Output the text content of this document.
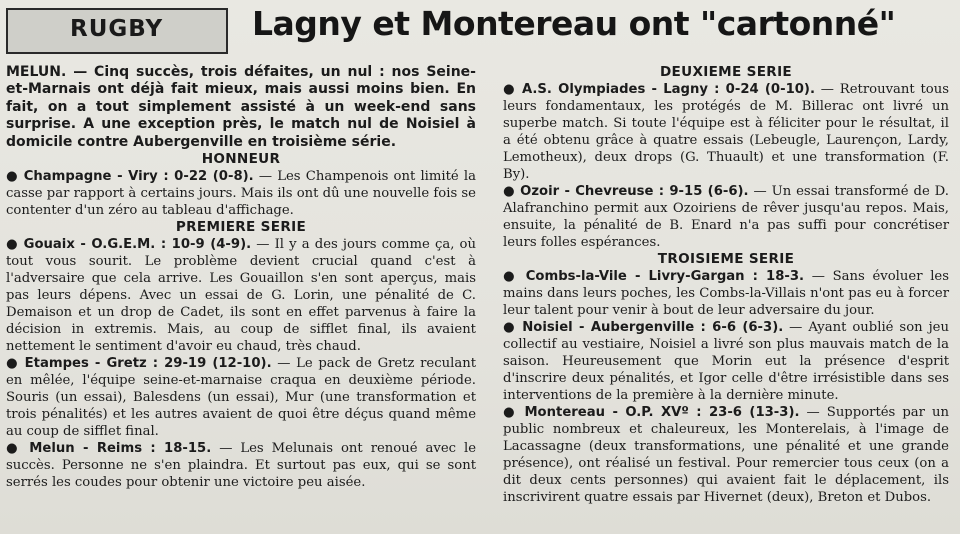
RUGBY	Lagny et Montereau ont "cartonné"

MELUN. — Cinq succès, trois défaites, un nul : nos Seine-et-Marnais ont déjà fait mieux, mais aussi moins bien. En fait, on a tout simplement assisté à un week-end sans surprise. A une exception près, le match nul de Noisiel à domicile contre Aubergenville en troisième série.

HONNEUR

● Champagne - Viry : 0-22 (0-8). — Les Champenois ont limité la casse par rapport à certains jours. Mais ils ont dû une nouvelle fois se contenter d'un zéro au tableau d'affichage.

PREMIERE SERIE

● Gouaix - O.G.E.M. : 10-9 (4-9). — Il y a des jours comme ça, où tout vous sourit. Le problème devient crucial quand c'est à l'adversaire que cela arrive. Les Gouaillon s'en sont aperçus, mais pas leurs dépens. Avec un essai de G. Lorin, une pénalité de C. Demaison et un drop de Cadet, ils sont en effet parvenus à faire la décision in extremis. Mais, au coup de sifflet final, ils avaient nettement le sentiment d'avoir eu chaud, très chaud.

● Etampes - Gretz : 29-19 (12-10). — Le pack de Gretz reculant en mêlée, l'équipe seine-et-marnaise craqua en deuxième période. Souris (un essai), Balesdens (un essai), Mur (une transformation et trois pénalités) et les autres avaient de quoi être déçus quand même au coup de sifflet final.

● Melun - Reims : 18-15. — Les Melunais ont renoué avec le succès. Personne ne s'en plaindra. Et surtout pas eux, qui se sont serrés les coudes pour obtenir une victoire peu aisée.

DEUXIEME SERIE

● A.S. Olympiades - Lagny : 0-24 (0-10). — Retrouvant tous leurs fondamentaux, les protégés de M. Billerac ont livré un superbe match. Si toute l'équipe est à féliciter pour le résultat, il a été obtenu grâce à quatre essais (Lebeugle, Laurençon, Lardy, Lemotheux), deux drops (G. Thuault) et une transformation (F. By).

● Ozoir - Chevreuse : 9-15 (6-6). — Un essai transformé de D. Alafranchino permit aux Ozoiriens de rêver jusqu'au repos. Mais, ensuite, la pénalité de B. Enard n'a pas suffi pour concrétiser leurs folles espérances.

TROISIEME SERIE

● Combs-la-Vile - Livry-Gargan : 18-3. — Sans évoluer les mains dans leurs poches, les Combs-la-Villais n'ont pas eu à forcer leur talent pour venir à bout de leur adversaire du jour.

● Noisiel - Aubergenville : 6-6 (6-3). — Ayant oublié son jeu collectif au vestiaire, Noisiel a livré son plus mauvais match de la saison. Heureusement que Morin eut la présence d'esprit d'inscrire deux pénalités, et Igor celle d'être irrésistible dans ses interventions de la première à la dernière minute.

● Montereau - O.P. XVº : 23-6 (13-3). — Supportés par un public nombreux et chaleureux, les Monterelais, à l'image de Lacassagne (deux transformations, une pénalité et une grande présence), ont réalisé un festival. Pour remercier tous ceux (on a dit deux cents personnes) qui avaient fait le déplacement, ils inscrivirent quatre essais par Hivernet (deux), Breton et Dubos.
